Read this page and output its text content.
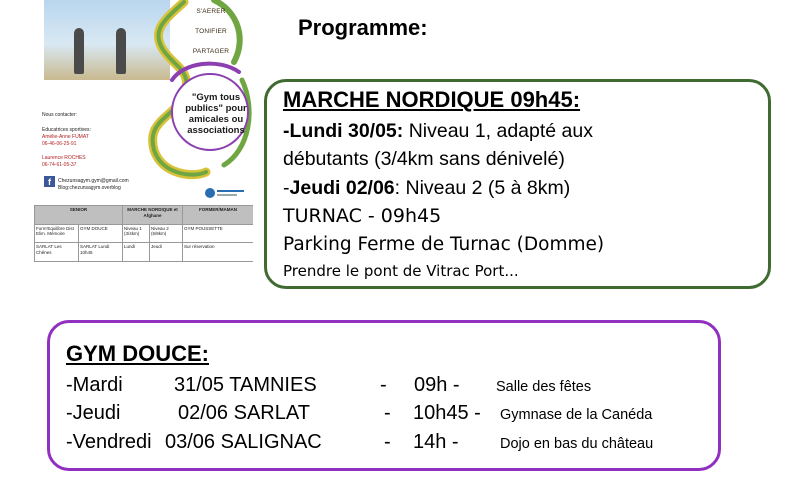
S'AERER
TONIFIER
PARTAGER
"Gym tous publics" pour amicales ou associations
Nous contacter:
Educatrices sportives:
Amélie-Anne FUMAT
06-46-06-25-91
Laurence ROCHES
06-74-61-05-37
Chezunsagym.gym@gmail.com
Blog:chezunsagym.overblog
f
SENIOR		MARCHE NORDIQUE et Afghane		FORMER/MAMAN
Form'Equilibre Dist Elim. Mémoire	GYM DOUCE	Niveau 1 (3/4km)	Niveau 2 (5/8km)	GYM POUSSETTE
SARLAT Les Chênes	SARLAT Lundi 10h45	Lundi	Jeudi	Sur réservation
Programme:
MARCHE NORDIQUE 09h45:
-Lundi 30/05: Niveau 1, adapté aux
débutants (3/4km sans dénivelé)
-Jeudi 02/06: Niveau 2 (5 à 8km)
TURNAC - 09h45
Parking Ferme de Turnac (Domme)
Prendre le pont de Vitrac Port...
GYM DOUCE:
-Mardi	31/05 TAMNIES	- 09h -	Salle des fêtes
-Jeudi	02/06 SARLAT	- 10h45 - Gymnase de la Canéda
-Vendredi 03/06 SALIGNAC	- 14h -	Dojo en bas du château
